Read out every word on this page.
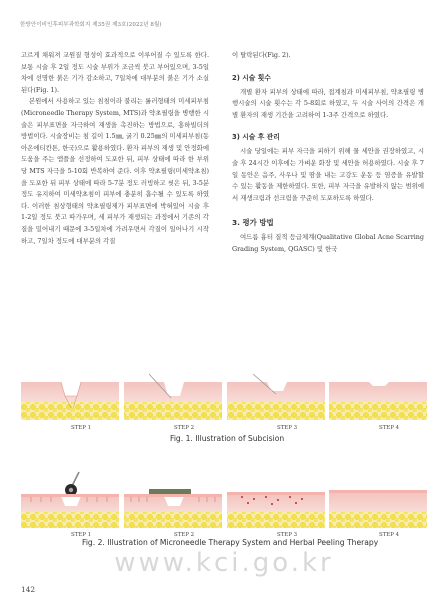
한방안이비인후피부과학회지 제35권 제3호(2022년 8월)

고르게 채워져 교원질 형성이 효과적으로 이루어질 수 있도록 한다. 보통 시술 후 2일 정도 시술 부위가 조금씩 붓고 부어있으며, 3-5일차에 선명한 붉은 기가 감소하고, 7일차에 대부분의 붉은 기가 소실된다(Fig. 1).

본원에서 사용하고 있는 침침이라 불리는 롤러형태의 미세피부침(Microneedle Therapy System, MTS)과 약초필링을 병행한 시술은 피부표면을 자극하여 재생을 촉진하는 방법으로, 홍하빌더의 방법이다. 시술장비는 침 길이 1.5㎜, 굵기 0.25㎜의 미세피부침(동아온에티칸톤, 한국)으로 활용하였다. 환자 피부의 재생 및 안정화에 도움을 주는 앰플을 선정하여 도포한 뒤, 피부 상태에 따라 한 부위당 MTS 자극을 5-10회 반복하여 준다. 이후 약초필링(미세약초침)을 도포한 뒤 피부 상태에 따라 5-7분 정도 러빙하고 씻은 뒤, 3-5분 정도 유지하여 미세약초침이 피부에 충분히 흡수될 수 있도록 하였다. 이러한 침상형태의 약초필링제가 피부표면에 박혀있어 시술 후 1-2일 정도 붓고 따가우며, 세 피부가 재생되는 과정에서 기존의 각질을 밀어내기 때문에 3-5일차에 가려우면서 각질이 일어나기 시작하고, 7일차 정도에 대부분의 각질

이 탈락된다(Fig. 2).

2) 시술 횟수

개별 환자 피부의 상태에 따라, 접계침과 미세피부침, 약초필링 병행시술의 시술 횟수는 각 5-8회로 하였고, 두 시술 사이의 간격은 개별 환자의 재생 기간을 고려하여 1-3주 간격으로 하였다.

3) 시술 후 관리

시술 당일에는 피부 자극을 피하기 위해 물 세안을 권장하였고, 시술 후 24시간 이후에는 가벼운 화장 및 세안을 허용하였다. 시술 후 7일 동안은 음주, 사우나 및 땀을 내는 고강도 운동 등 염증을 유발할 수 있는 활동을 제한하였다. 또한, 피부 자극을 유발하지 않는 범위에서 재생크림과 선크림을 꾸준히 도포하도록 하였다.

3. 평가 방법

여드름 흉터 질적 등급체계(Qualitative Global Acne Scarring Grading System, QGASC) 및 한국

STEP 1	STEP 2	STEP 3	STEP 4
Fig. 1. Illustration of Subcision
STEP 1	STEP 2	STEP 3	STEP 4
Fig. 2. Illustration of Microneedle Therapy System and Herbal Peeling Therapy
www.kci.go.kr
142
